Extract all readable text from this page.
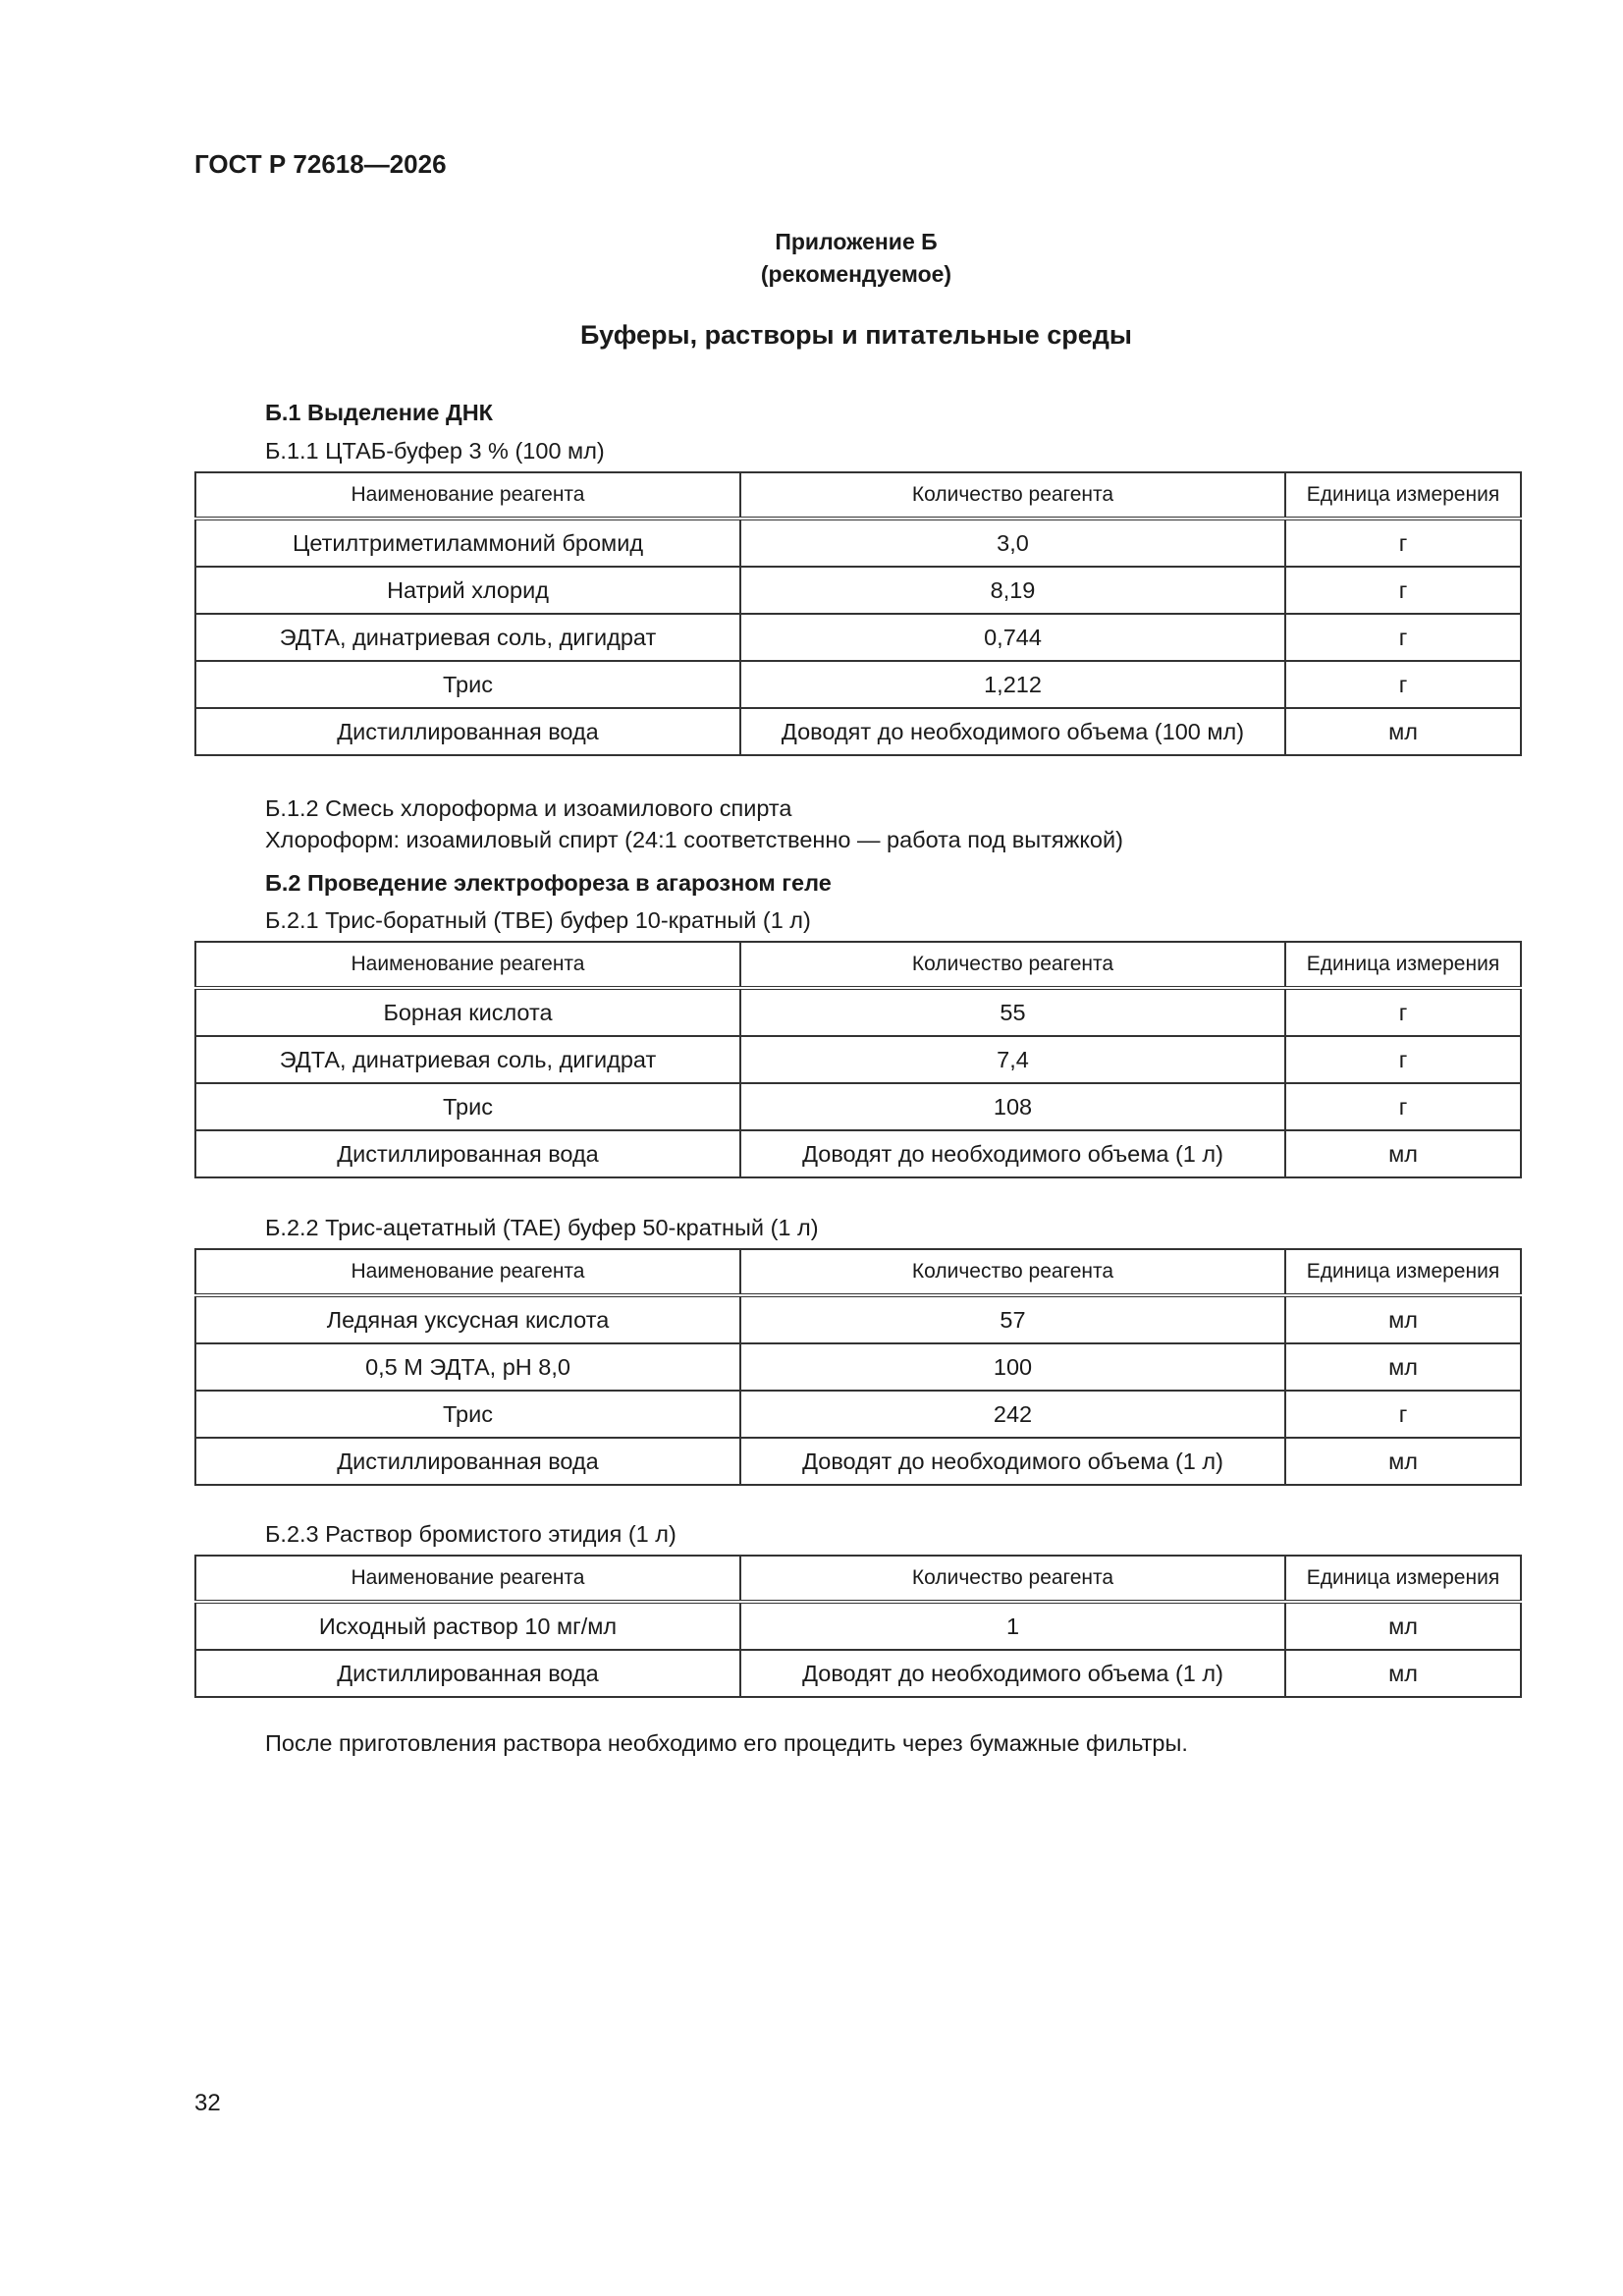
ГОСТ Р 72618—2026
Приложение Б
(рекомендуемое)
Буферы, растворы и питательные среды
Б.1 Выделение ДНК
Б.1.1 ЦТАБ-буфер 3 % (100 мл)
Наименование реагента	Количество реагента	Единица измерения
Цетилтриметиламмоний бромид	3,0	г
Натрий хлорид	8,19	г
ЭДТА, динатриевая соль, дигидрат	0,744	г
Трис	1,212	г
Дистиллированная вода	Доводят до необходимого объема (100 мл)	мл
Б.1.2 Смесь хлороформа и изоамилового спирта
Хлороформ: изоамиловый спирт (24:1 соответственно — работа под вытяжкой)
Б.2 Проведение электрофореза в агарозном геле
Б.2.1 Трис-боратный (TBE) буфер 10-кратный (1 л)
Наименование реагента	Количество реагента	Единица измерения
Борная кислота	55	г
ЭДТА, динатриевая соль, дигидрат	7,4	г
Трис	108	г
Дистиллированная вода	Доводят до необходимого объема (1 л)	мл
Б.2.2 Трис-ацетатный (TAE) буфер 50-кратный (1 л)
Наименование реагента	Количество реагента	Единица измерения
Ледяная уксусная кислота	57	мл
0,5 М ЭДТА, pH 8,0	100	мл
Трис	242	г
Дистиллированная вода	Доводят до необходимого объема (1 л)	мл
Б.2.3 Раствор бромистого этидия (1 л)
Наименование реагента	Количество реагента	Единица измерения
Исходный раствор 10 мг/мл	1	мл
Дистиллированная вода	Доводят до необходимого объема (1 л)	мл
После приготовления раствора необходимо его процедить через бумажные фильтры.
32
